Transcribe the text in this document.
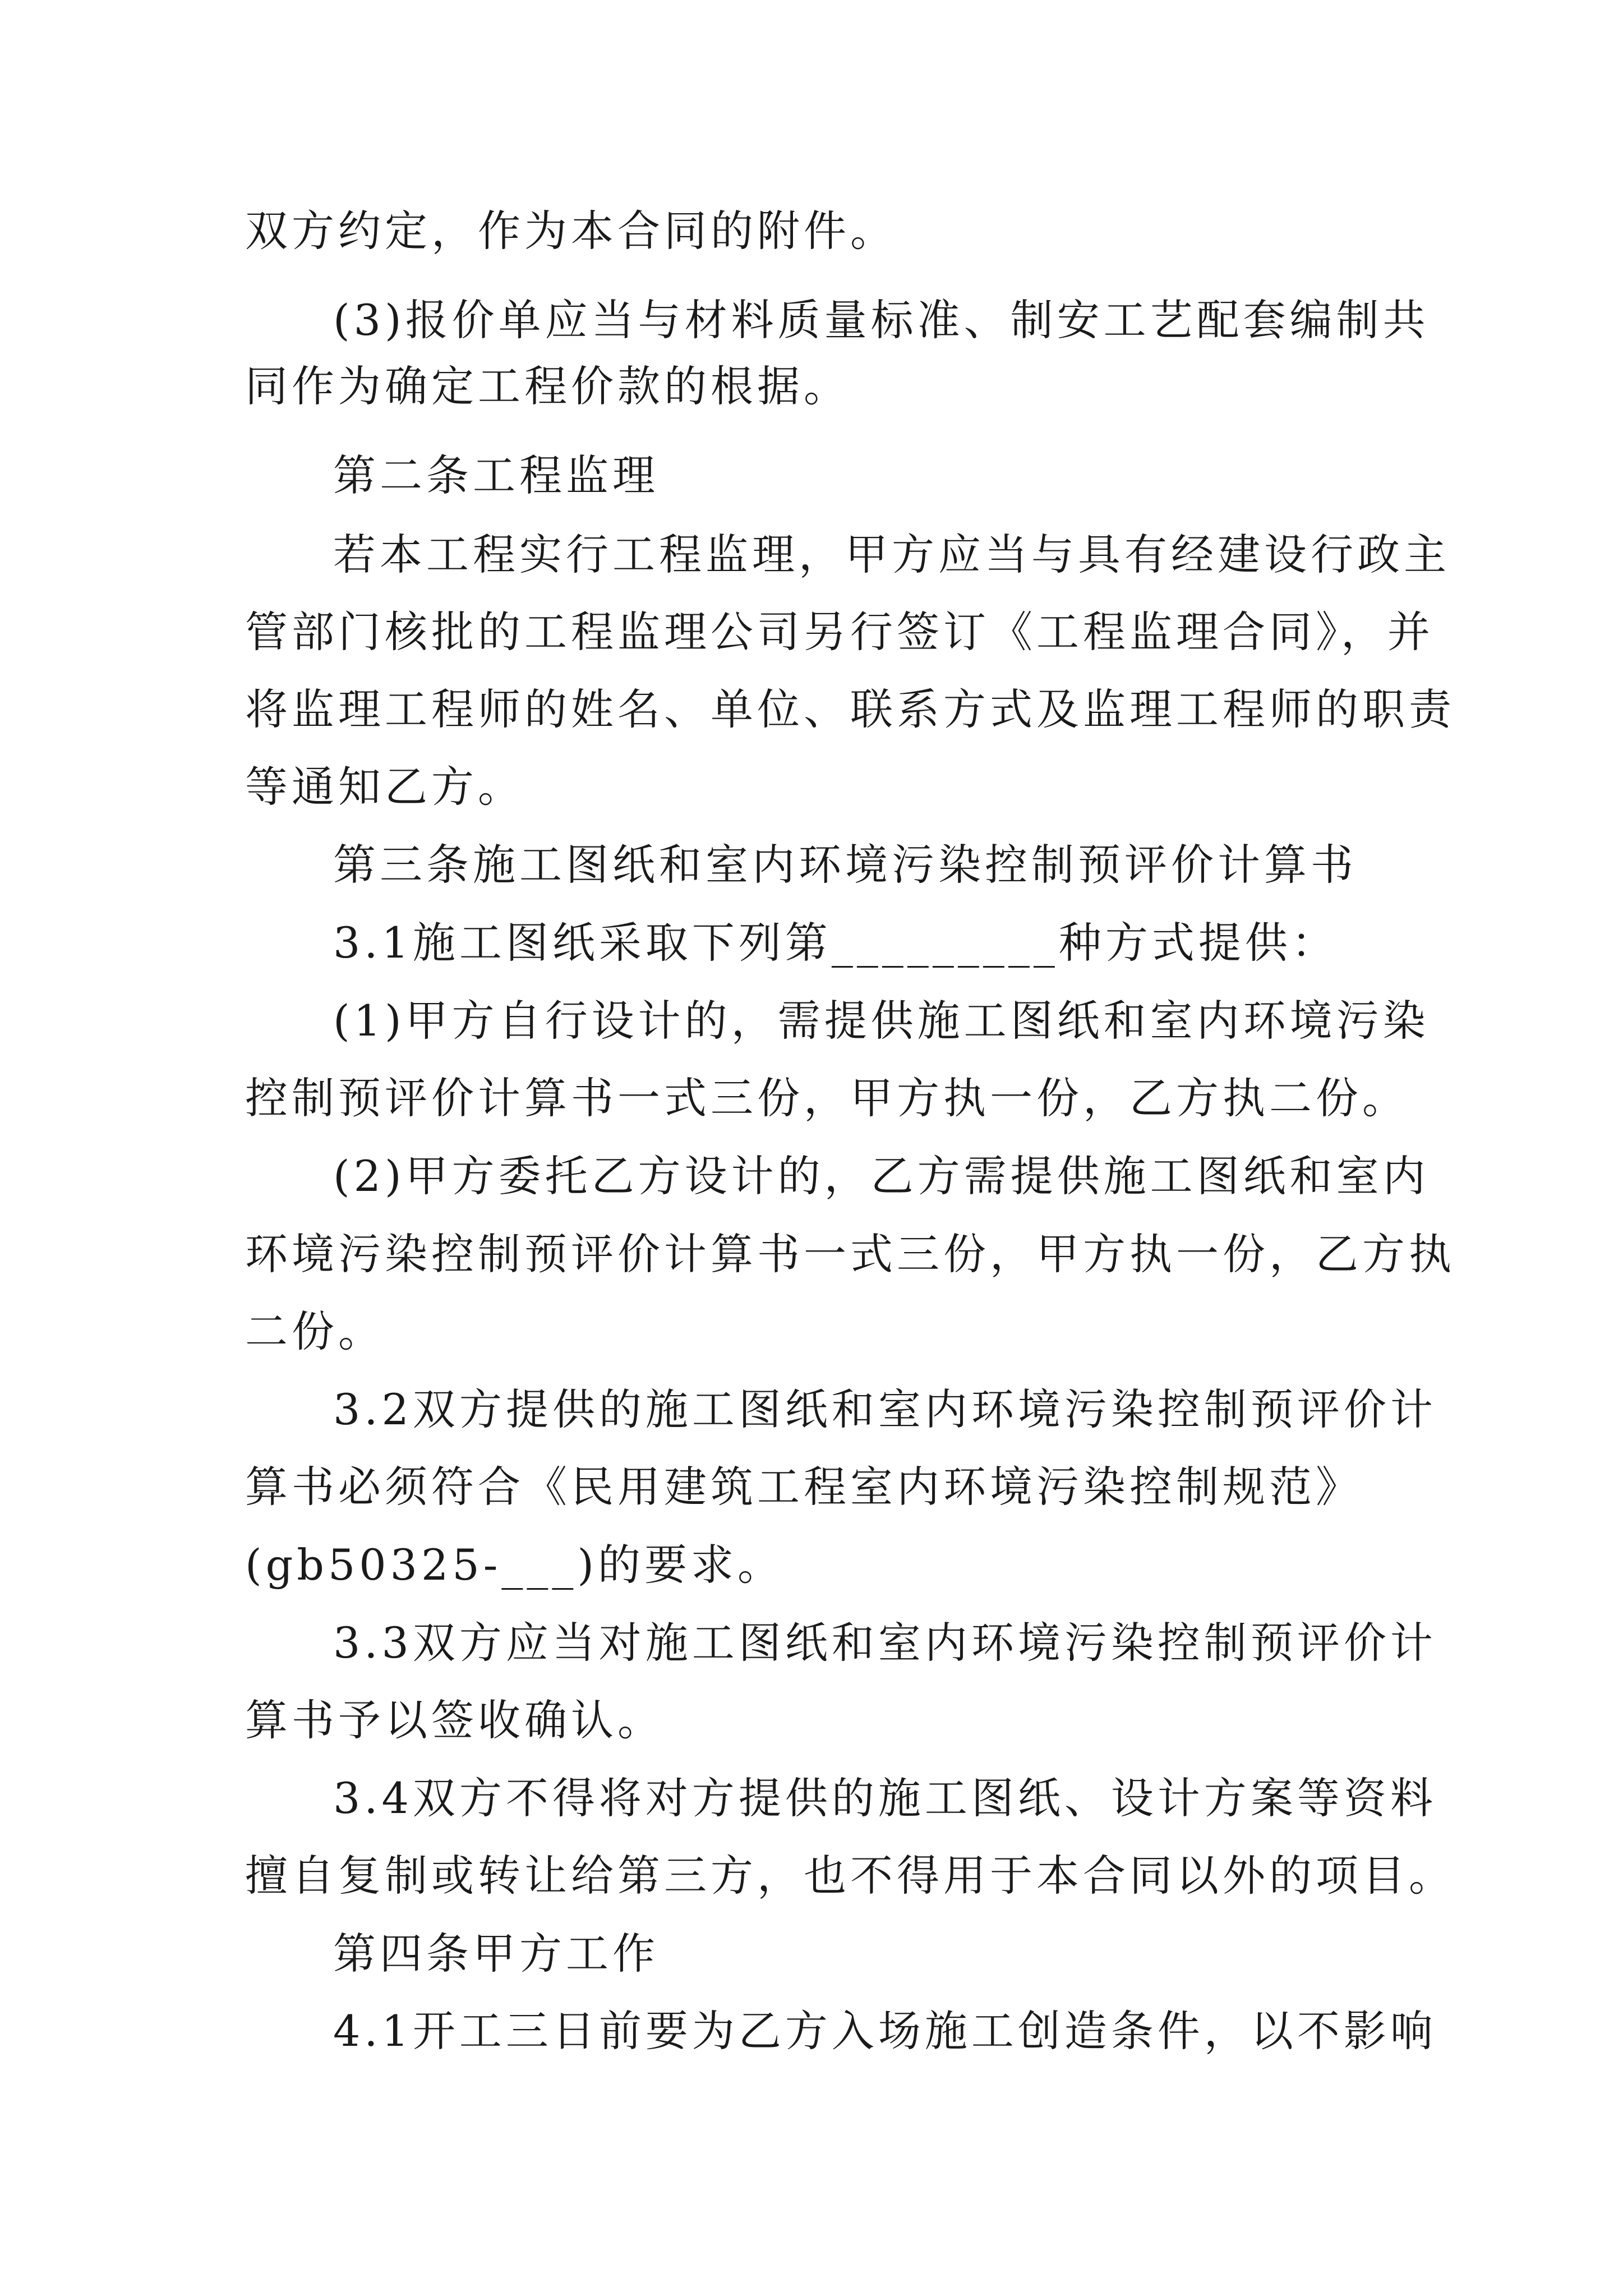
双方约定，作为本合同的附件。

(3)报价单应当与材料质量标准、制安工艺配套编制共

同作为确定工程价款的根据。

第二条工程监理

若本工程实行工程监理，甲方应当与具有经建设行政主

管部门核批的工程监理公司另行签订《工程监理合同》，并

将监理工程师的姓名、单位、联系方式及监理工程师的职责

等通知乙方。

第三条施工图纸和室内环境污染控制预评价计算书

3.1施工图纸采取下列第_________种方式提供：

(1)甲方自行设计的，需提供施工图纸和室内环境污染

控制预评价计算书一式三份，甲方执一份，乙方执二份。

(2)甲方委托乙方设计的，乙方需提供施工图纸和室内

环境污染控制预评价计算书一式三份，甲方执一份，乙方执

二份。

3.2双方提供的施工图纸和室内环境污染控制预评价计

算书必须符合《民用建筑工程室内环境污染控制规范》

(gb50325-___)的要求。

3.3双方应当对施工图纸和室内环境污染控制预评价计

算书予以签收确认。

3.4双方不得将对方提供的施工图纸、设计方案等资料

擅自复制或转让给第三方，也不得用于本合同以外的项目。

第四条甲方工作

4.1开工三日前要为乙方入场施工创造条件，以不影响
